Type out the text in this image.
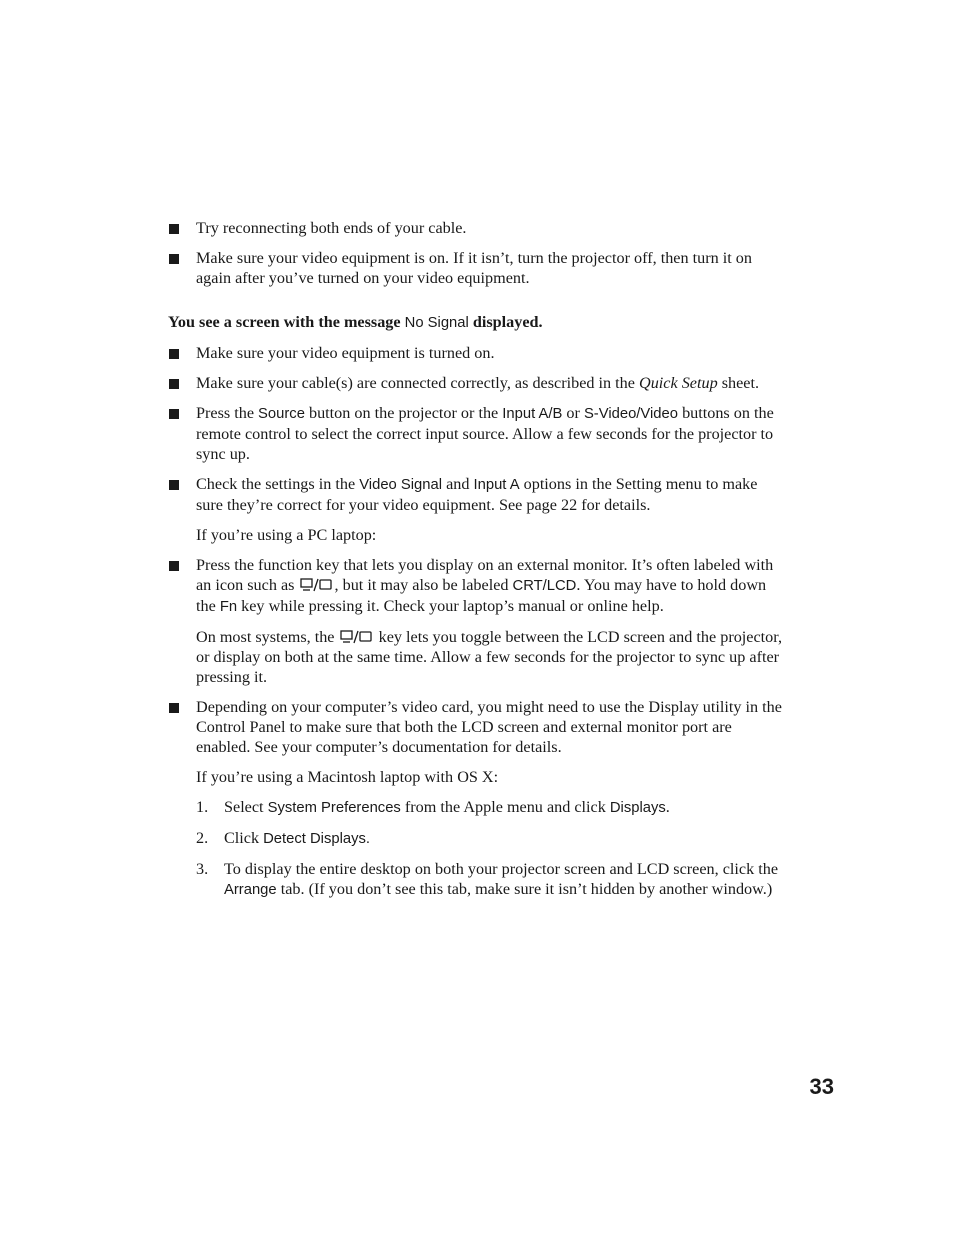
Try reconnecting both ends of your cable.
Make sure your video equipment is on. If it isn’t, turn the projector off, then turn it on again after you’ve turned on your video equipment.
You see a screen with the message No Signal displayed.
Make sure your video equipment is turned on.
Make sure your cable(s) are connected correctly, as described in the Quick Setup sheet.
Press the Source button on the projector or the Input A/B or S-Video/Video buttons on the remote control to select the correct input source. Allow a few seconds for the projector to sync up.
Check the settings in the Video Signal and Input A options in the Setting menu to make sure they’re correct for your video equipment. See page 22 for details.
If you’re using a PC laptop:
Press the function key that lets you display on an external monitor. It’s often labeled with an icon such as , but it may also be labeled CRT/LCD. You may have to hold down the Fn key while pressing it. Check your laptop’s manual or online help.
On most systems, the	key lets you toggle between the LCD screen and the projector, or display on both at the same time. Allow a few seconds for the projector to sync up after pressing it.
Depending on your computer’s video card, you might need to use the Display utility in the Control Panel to make sure that both the LCD screen and external monitor port are enabled. See your computer’s documentation for details.
If you’re using a Macintosh laptop with OS X:
1. Select System Preferences from the Apple menu and click Displays.
2. Click Detect Displays.
3. To display the entire desktop on both your projector screen and LCD screen, click the Arrange tab. (If you don’t see this tab, make sure it isn’t hidden by another window.)
33
